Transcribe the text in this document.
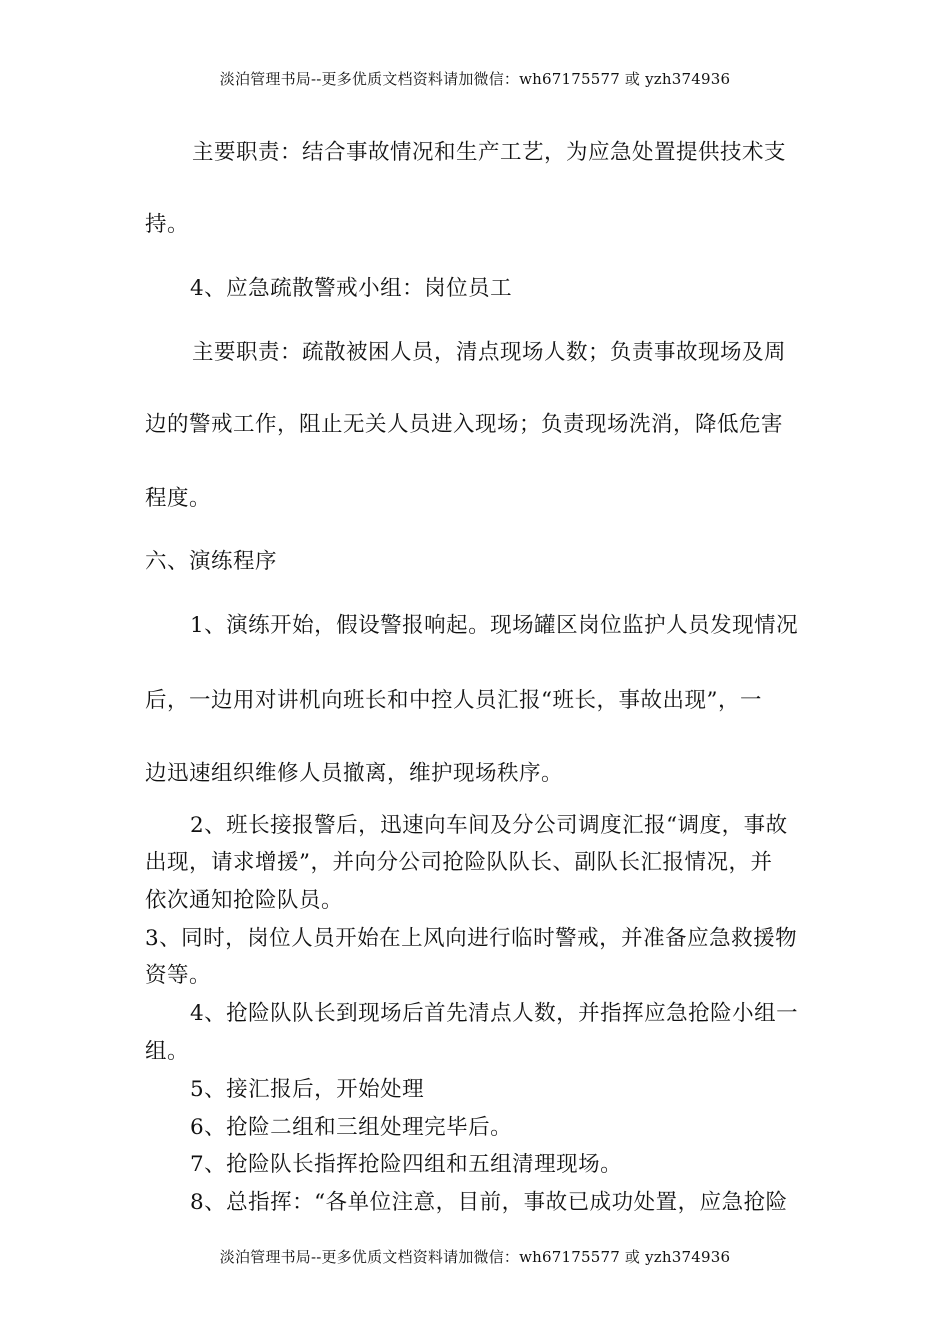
淡泊管理书局--更多优质文档资料请加微信：wh67175577 或 yzh374936
主要职责：结合事故情况和生产工艺，为应急处置提供技术支
持。
4、应急疏散警戒小组：岗位员工
主要职责：疏散被困人员，清点现场人数；负责事故现场及周
边的警戒工作，阻止无关人员进入现场；负责现场洗消，降低危害
程度。
六、演练程序
1、演练开始，假设警报响起。现场罐区岗位监护人员发现情况
后，一边用对讲机向班长和中控人员汇报“班长，事故出现”，一
边迅速组织维修人员撤离，维护现场秩序。
2、班长接报警后，迅速向车间及分公司调度汇报“调度，事故
出现，请求增援”，并向分公司抢险队队长、副队长汇报情况，并
依次通知抢险队员。
3、同时，岗位人员开始在上风向进行临时警戒，并准备应急救援物
资等。
4、抢险队队长到现场后首先清点人数，并指挥应急抢险小组一
组。
5、接汇报后，开始处理
6、抢险二组和三组处理完毕后。
7、抢险队长指挥抢险四组和五组清理现场。
8、总指挥：“各单位注意，目前，事故已成功处置，应急抢险
淡泊管理书局--更多优质文档资料请加微信：wh67175577 或 yzh374936
